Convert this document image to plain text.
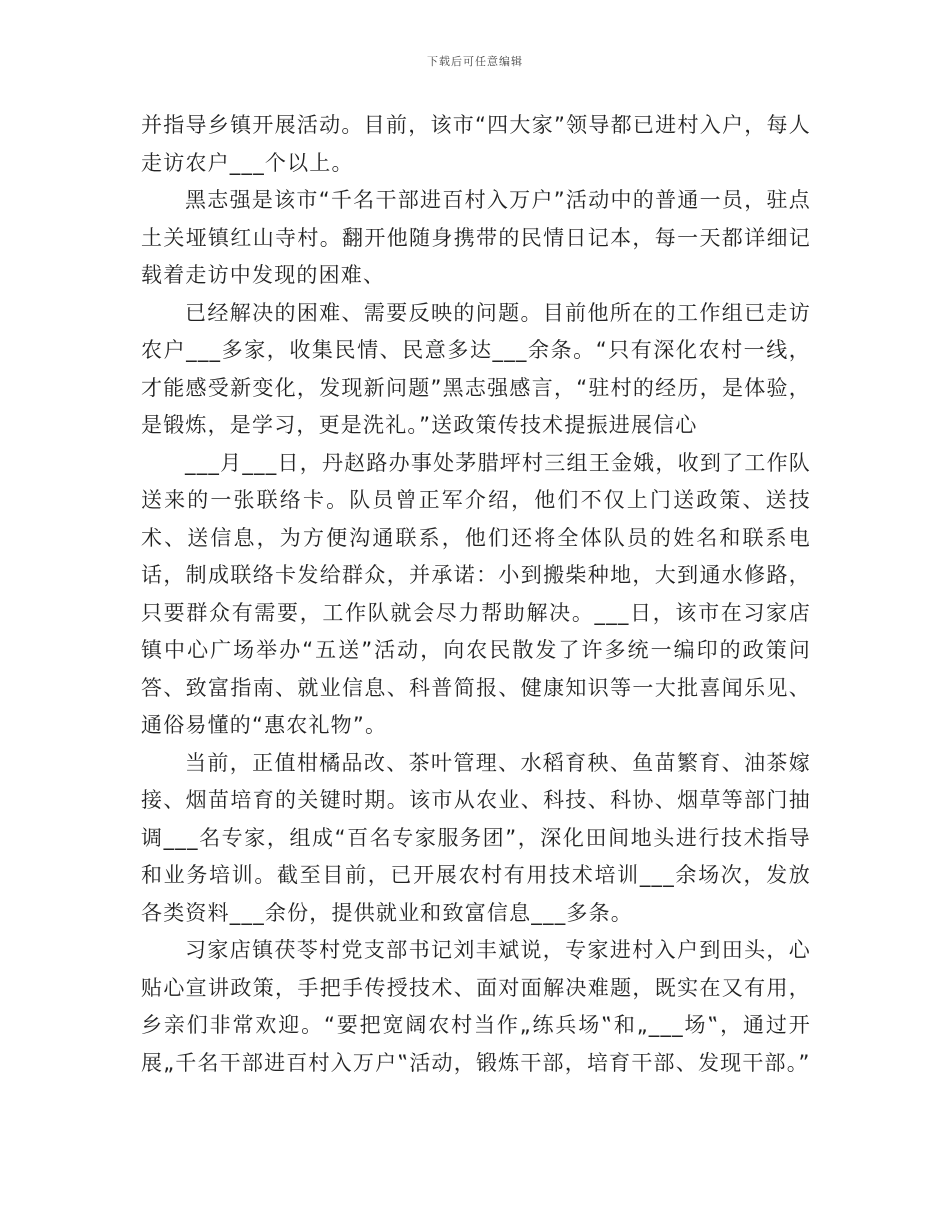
下载后可任意编辑

并指导乡镇开展活动。目前，该市“四大家”领导都已进村入户，每人走访农户___个以上。

黑志强是该市“千名干部进百村入万户”活动中的普通一员，驻点土关垭镇红山寺村。翻开他随身携带的民情日记本，每一天都详细记载着走访中发现的困难、

已经解决的困难、需要反映的问题。目前他所在的工作组已走访农户___多家，收集民情、民意多达___余条。“只有深化农村一线，才能感受新变化，发现新问题”黑志强感言，“驻村的经历，是体验，是锻炼，是学习，更是洗礼。”送政策传技术提振进展信心

___月___日，丹赵路办事处茅腊坪村三组王金娥，收到了工作队送来的一张联络卡。队员曾正军介绍，他们不仅上门送政策、送技术、送信息，为方便沟通联系，他们还将全体队员的姓名和联系电话，制成联络卡发给群众，并承诺：小到搬柴种地，大到通水修路，只要群众有需要，工作队就会尽力帮助解决。___日，该市在习家店镇中心广场举办“五送”活动，向农民散发了许多统一编印的政策问答、致富指南、就业信息、科普简报、健康知识等一大批喜闻乐见、通俗易懂的“惠农礼物”。

当前，正值柑橘品改、茶叶管理、水稻育秧、鱼苗繁育、油茶嫁接、烟苗培育的关键时期。该市从农业、科技、科协、烟草等部门抽调___名专家，组成“百名专家服务团”，深化田间地头进行技术指导和业务培训。截至目前，已开展农村有用技术培训___余场次，发放各类资料___余份，提供就业和致富信息___多条。

习家店镇茯苓村党支部书记刘丰斌说，专家进村入户到田头，心贴心宣讲政策，手把手传授技术、面对面解决难题，既实在又有用，乡亲们非常欢迎。“要把宽阔农村当作„练兵场‟和„___场‟，通过开展„千名干部进百村入万户‟活动，锻炼干部，培育干部、发现干部。”
